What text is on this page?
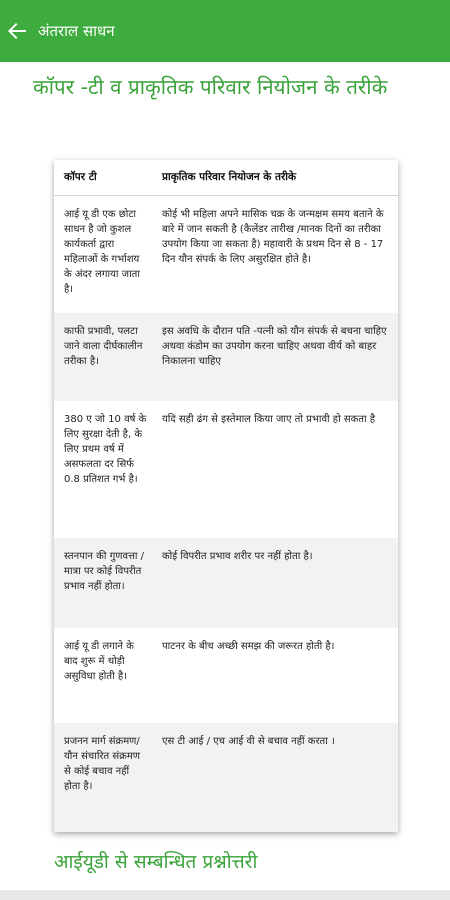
अंतराल साधन
कॉपर -टी व प्राकृतिक परिवार नियोजन के तरीके
कॉपर टी	प्राकृतिक परिवार नियोजन के तरीके
आई यू डी एक छोटा साधन है जो कुशल कार्यकर्ता द्वारा महिलाओं के गर्भाशय के अंदर लगाया जाता है।
कोई भी महिला अपने मासिक चक्र के जन्मक्षम समय बताने के बारे में जान सकती है (कैलेंडर तारीख /मानक दिनों का तरीका उपयोग किया जा सकता है) महावारी के प्रथम दिन से 8 - 17 दिन यौन संपर्क के लिए असुरक्षित होते है।
काफी प्रभावी, पलटा जाने वाला दीर्घकालीन तरीका है।
इस अवधि के दौरान पति -पत्नी को यौन संपर्क से बचना चाहिए अथवा कंडोम का उपयोग करना चाहिए अथवा वीर्य को बाहर निकालना चाहिए
380 ए जो 10 वर्ष के लिए सुरक्षा देती है, के लिए प्रथम वर्ष में असफलता दर सिर्फ 0.8 प्रतिशत गर्भ है।
यदि सही ढंग से इस्तेमाल किया जाए तो प्रभावी हो सकता है
स्तनपान की गुणवत्ता /मात्रा पर कोई विपरीत प्रभाव नहीं होता।
कोई विपरीत प्रभाव शरीर पर नहीं होता है।
आई यू डी लगाने के बाद शुरू में थोड़ी असुविधा होती है।
पाटनर के बीच अच्छी समझ की जरूरत होती है।
प्रजनन मार्ग संक्रमण/ यौन संचारित संक्रमण से कोई बचाव नहीं होता है।
एस टी आई / एच आई वी से बचाव नहीं करता ।
आईयूडी से सम्बन्धित प्रश्नोत्तरी
